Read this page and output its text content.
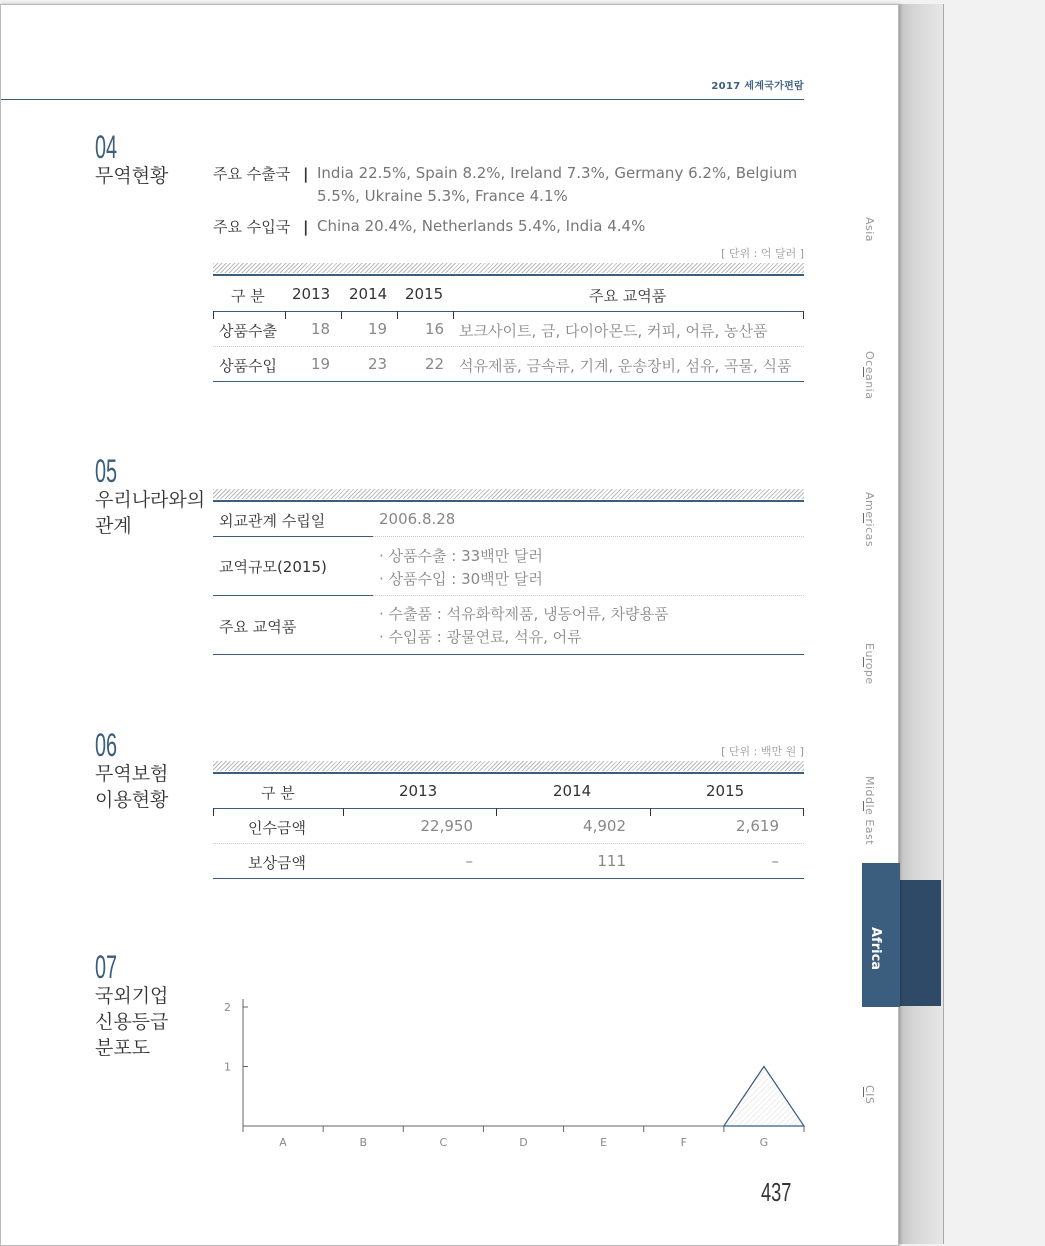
2017 세계국가편람
04
무역현황	주요 수출국 | India 22.5%, Spain 8.2%, Ireland 7.3%, Germany 6.2%, Belgium 5.5%, Ukraine 5.3%, France 4.1%
주요 수입국 | China 20.4%, Netherlands 5.4%, India 4.4%
[ 단위 : 억 달러 ]
구 분 2013 2014 2015	주요 교역품
상품수출 18	19	16 보크사이트, 금, 다이아몬드, 커피, 어류, 농산품
상품수입 19	23	22 석유제품, 금속류, 기계, 운송장비, 섬유, 곡물, 식품
05
우리나라와의
관계	외교관계 수립일	2006.8.28
교역규모(2015)
· 상품수출 : 33백만 달러
· 상품수입 : 30백만 달러
주요 교역품
· 수출품 : 석유화학제품, 냉동어류, 차량용품
· 수입품 : 광물연료, 석유, 어류
06
무역보험
이용현황
[ 단위 : 백만 원 ]
구 분	2013	2014	2015
인수금액	22,950	4,902	2,619
보상금액	–	111	–
07
국외기업
신용등급
분포도
1
2
A	B	C	D	E	F	G
Asia
Oceania
Americas
Europe
Middle East
Africa
CIS
437
